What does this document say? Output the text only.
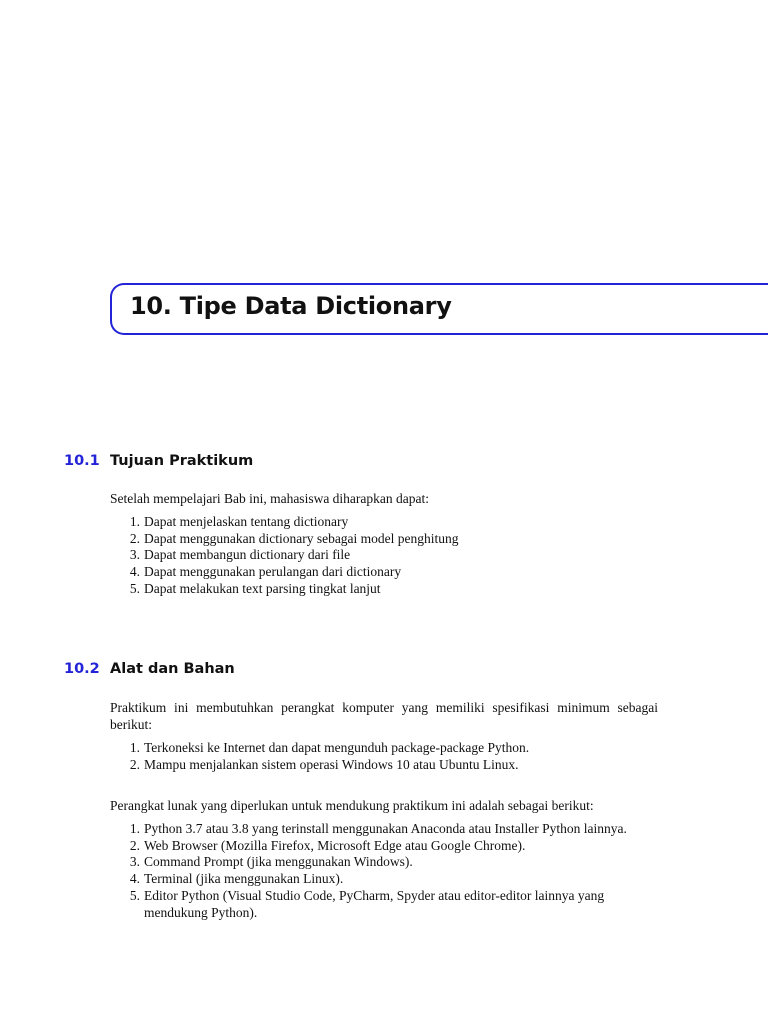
10. Tipe Data Dictionary
10.1 Tujuan Praktikum

Setelah mempelajari Bab ini, mahasiswa diharapkan dapat:

1. Dapat menjelaskan tentang dictionary
2. Dapat menggunakan dictionary sebagai model penghitung
3. Dapat membangun dictionary dari file
4. Dapat menggunakan perulangan dari dictionary
5. Dapat melakukan text parsing tingkat lanjut
10.2 Alat dan Bahan

Praktikum ini membutuhkan perangkat komputer yang memiliki spesifikasi minimum sebagai berikut:

1. Terkoneksi ke Internet dan dapat mengunduh package-package Python.
2. Mampu menjalankan sistem operasi Windows 10 atau Ubuntu Linux.

Perangkat lunak yang diperlukan untuk mendukung praktikum ini adalah sebagai berikut:

1. Python 3.7 atau 3.8 yang terinstall menggunakan Anaconda atau Installer Python lainnya.
2. Web Browser (Mozilla Firefox, Microsoft Edge atau Google Chrome).
3. Command Prompt (jika menggunakan Windows).
4. Terminal (jika menggunakan Linux).
5. Editor Python (Visual Studio Code, PyCharm, Spyder atau editor-editor lainnya yang mendukung Python).
